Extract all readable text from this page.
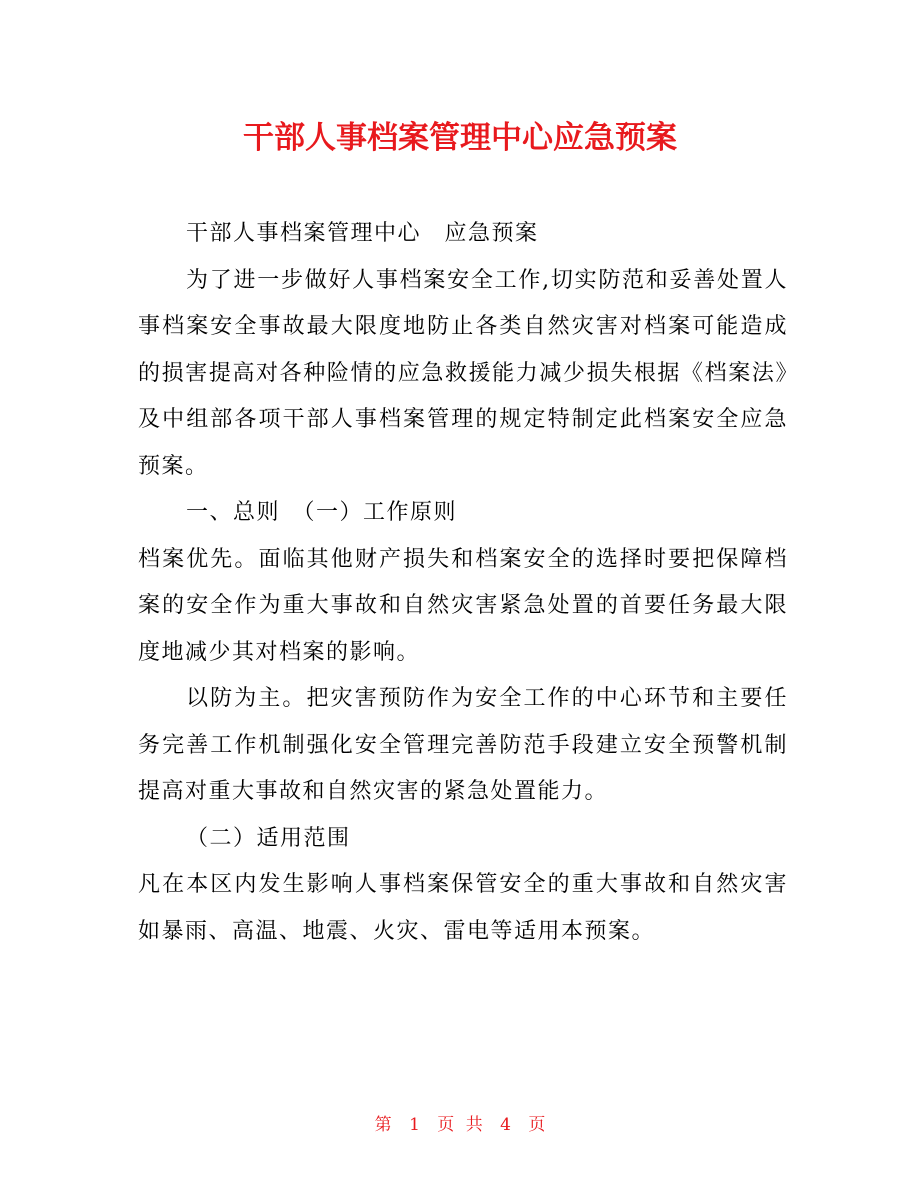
干部人事档案管理中心应急预案

干部人事档案管理中心　应急预案

为了进一步做好人事档案安全工作,切实防范和妥善处置人事档案安全事故最大限度地防止各类自然灾害对档案可能造成的损害提高对各种险情的应急救援能力减少损失根据《档案法》及中组部各项干部人事档案管理的规定特制定此档案安全应急预案。

一、总则　（一）工作原则

档案优先。面临其他财产损失和档案安全的选择时要把保障档案的安全作为重大事故和自然灾害紧急处置的首要任务最大限度地减少其对档案的影响。

以防为主。把灾害预防作为安全工作的中心环节和主要任务完善工作机制强化安全管理完善防范手段建立安全预警机制提高对重大事故和自然灾害的紧急处置能力。

（二）适用范围

凡在本区内发生影响人事档案保管安全的重大事故和自然灾害如暴雨、高温、地震、火灾、雷电等适用本预案。

第 1 页 共 4 页
